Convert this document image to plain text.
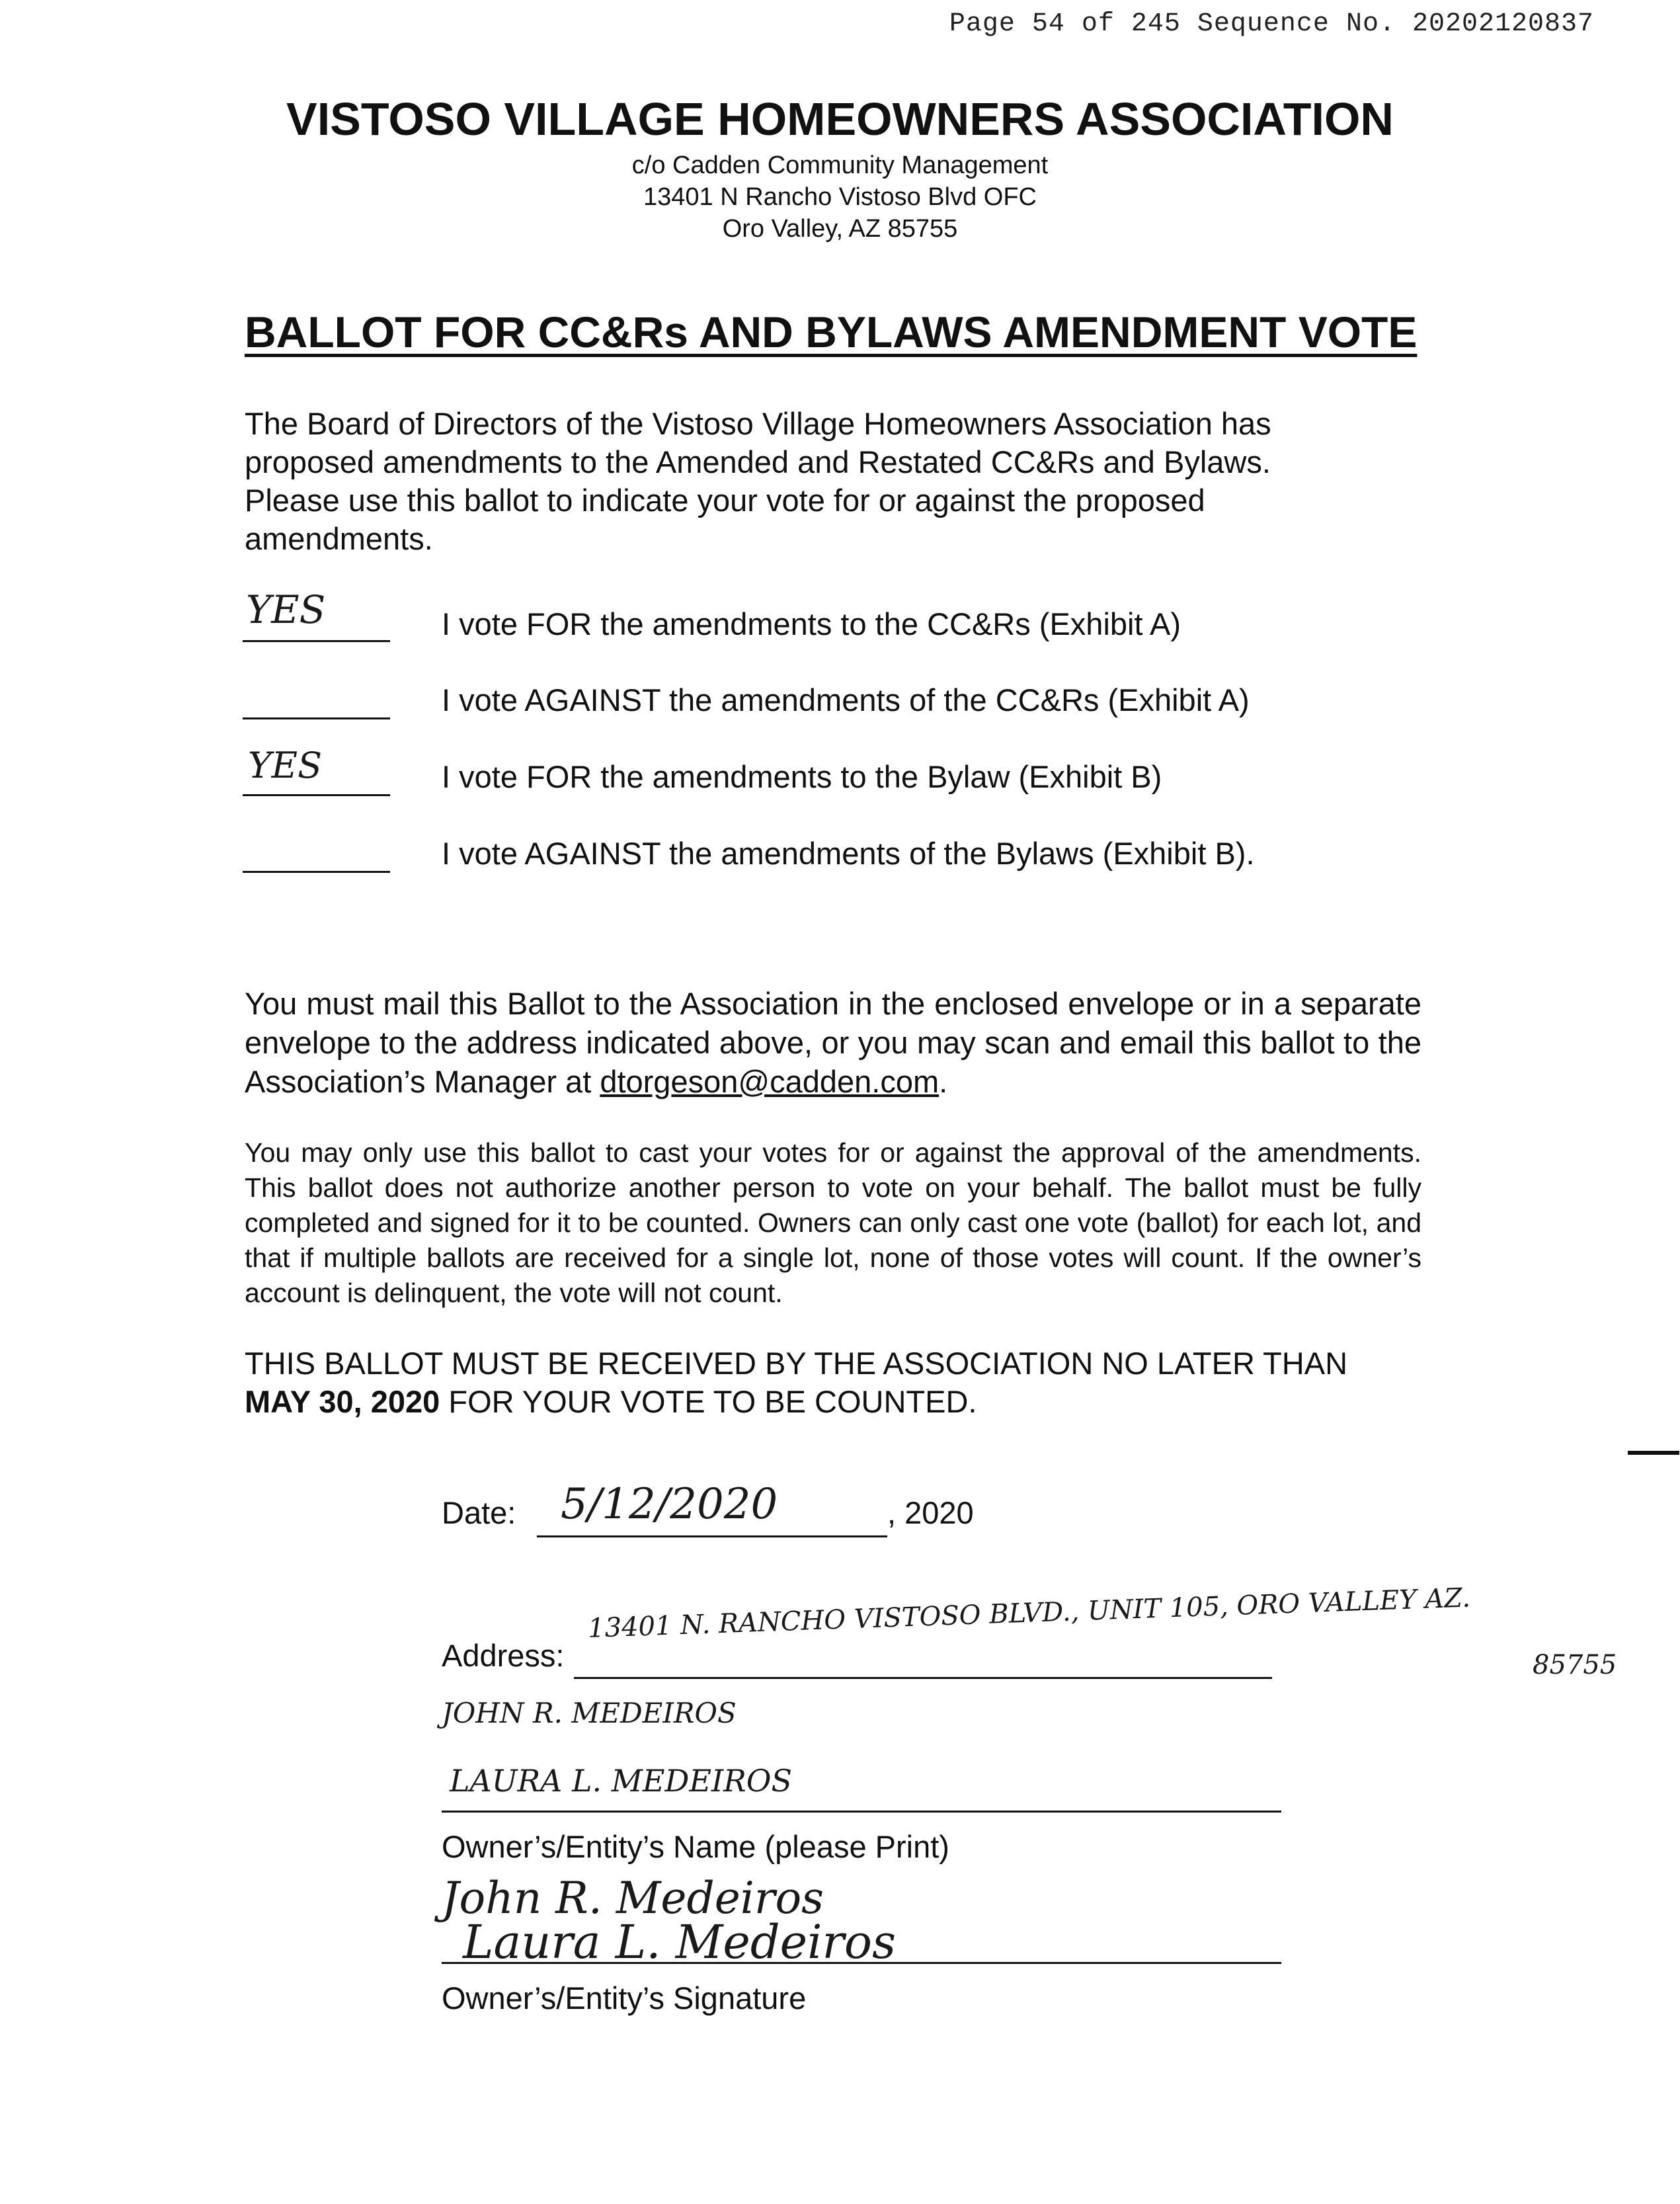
Page 54 of 245 Sequence No. 20202120837
VISTOSO VILLAGE HOMEOWNERS ASSOCIATION
c/o Cadden Community Management
13401 N Rancho Vistoso Blvd OFC
Oro Valley, AZ 85755
BALLOT FOR CC&Rs AND BYLAWS AMENDMENT VOTE
The Board of Directors of the Vistoso Village Homeowners Association has
proposed amendments to the Amended and Restated CC&Rs and Bylaws.
Please use this ballot to indicate your vote for or against the proposed
amendments.
YES	I vote FOR the amendments to the CC&Rs (Exhibit A)
I vote AGAINST the amendments of the CC&Rs (Exhibit A)
YES	I vote FOR the amendments to the Bylaw (Exhibit B)
I vote AGAINST the amendments of the Bylaws (Exhibit B).
You must mail this Ballot to the Association in the enclosed envelope or in a separate envelope to the address indicated above, or you may scan and email this ballot to the Association’s Manager at dtorgeson@cadden.com.
You may only use this ballot to cast your votes for or against the approval of the amendments. This ballot does not authorize another person to vote on your behalf. The ballot must be fully completed and signed for it to be counted. Owners can only cast one vote (ballot) for each lot, and that if multiple ballots are received for a single lot, none of those votes will count. If the owner’s account is delinquent, the vote will not count.
THIS BALLOT MUST BE RECEIVED BY THE ASSOCIATION NO LATER THAN
MAY 30, 2020 FOR YOUR VOTE TO BE COUNTED.
Date: 5/12/2020	, 2020
Address:
13401 N. RANCHO VISTOSO BLVD., UNIT 105, ORO VALLEY AZ.
85755
JOHN R. MEDEIROS
LAURA L. MEDEIROS
Owner’s/Entity’s Name (please Print)
John R. Medeiros
Laura L. Medeiros
Owner’s/Entity’s Signature
